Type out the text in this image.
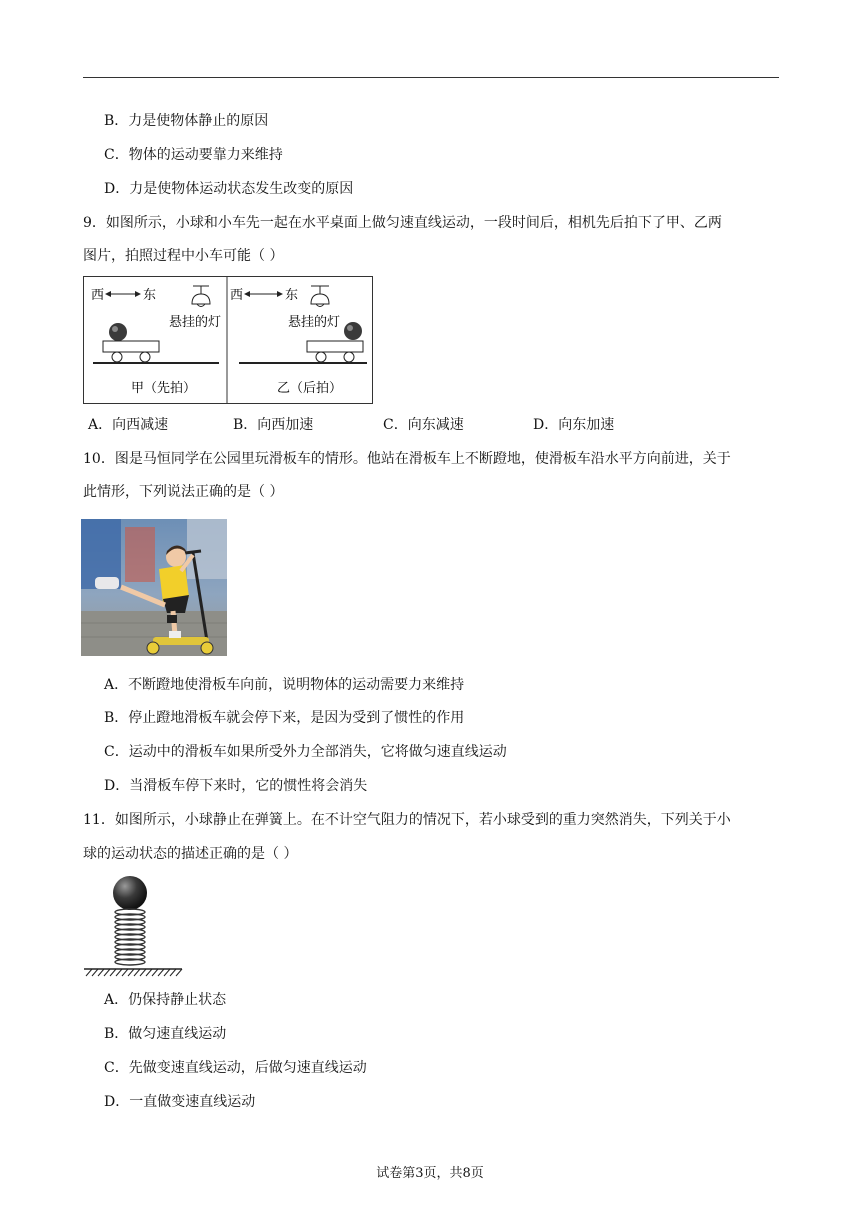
B．力是使物体静止的原因
C．物体的运动要靠力来维持
D．力是使物体运动状态发生改变的原因
9．如图所示，小球和小车先一起在水平桌面上做匀速直线运动，一段时间后，相机先后拍下了甲、乙两
图片，拍照过程中小车可能（ ）
西	东
悬挂的灯
甲（先拍）
西	东
悬挂的灯
乙（后拍）
A．向西减速	B．向西加速	C．向东减速	D．向东加速
10．图是马恒同学在公园里玩滑板车的情形。他站在滑板车上不断蹬地，使滑板车沿水平方向前进，关于
此情形，下列说法正确的是（ ）
A．不断蹬地使滑板车向前，说明物体的运动需要力来维持
B．停止蹬地滑板车就会停下来，是因为受到了惯性的作用
C．运动中的滑板车如果所受外力全部消失，它将做匀速直线运动
D．当滑板车停下来时，它的惯性将会消失
11．如图所示，小球静止在弹簧上。在不计空气阻力的情况下，若小球受到的重力突然消失，下列关于小
球的运动状态的描述正确的是（ ）
A．仍保持静止状态
B．做匀速直线运动
C．先做变速直线运动，后做匀速直线运动
D．一直做变速直线运动
试卷第3页，共8页
